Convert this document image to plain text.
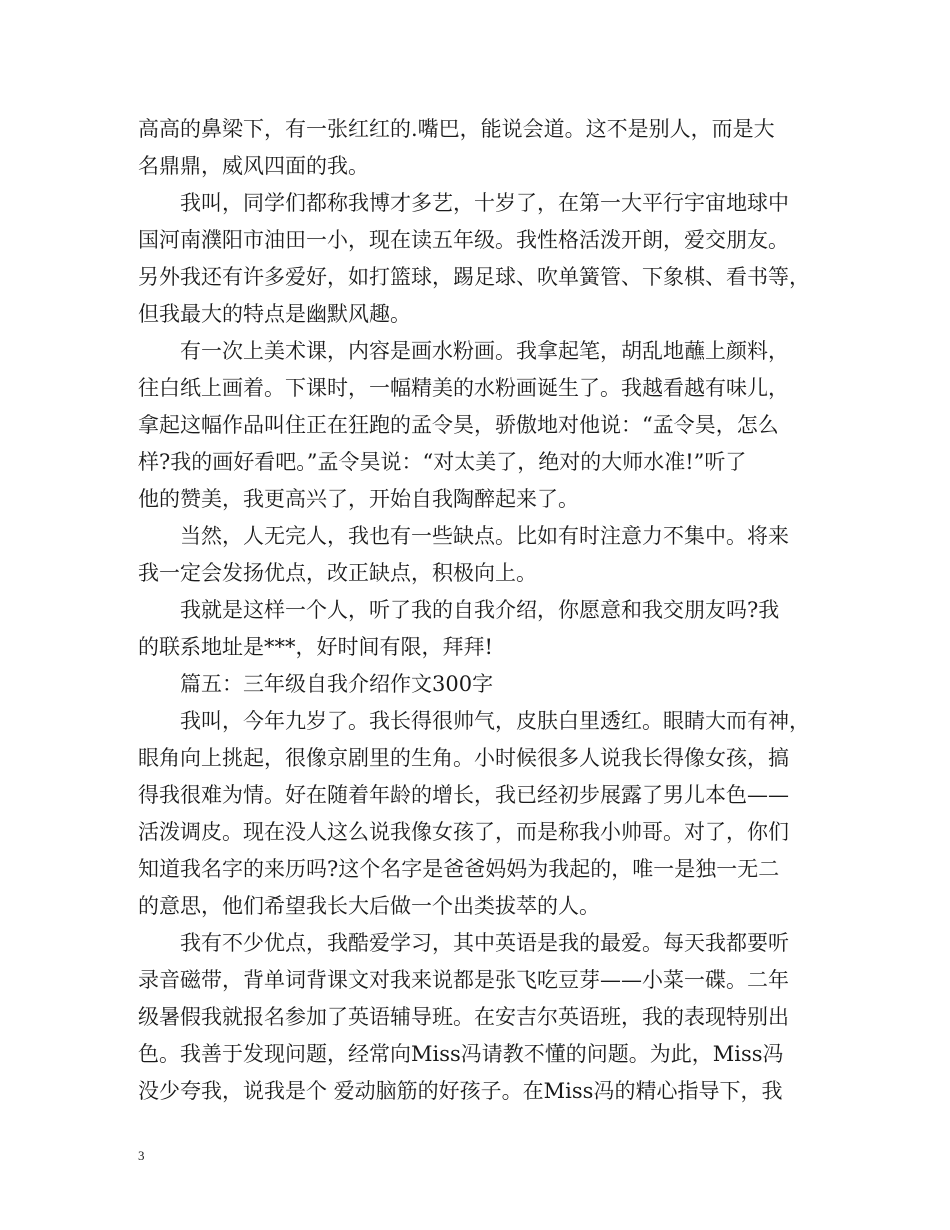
高高的鼻梁下，有一张红红的.嘴巴，能说会道。这不是别人，而是大
名鼎鼎，威风四面的我。
　　我叫，同学们都称我博才多艺，十岁了，在第一大平行宇宙地球中
国河南濮阳市油田一小，现在读五年级。我性格活泼开朗，爱交朋友。
另外我还有许多爱好，如打篮球，踢足球、吹单簧管、下象棋、看书等，
但我最大的特点是幽默风趣。
　　有一次上美术课，内容是画水粉画。我拿起笔，胡乱地蘸上颜料，
往白纸上画着。下课时，一幅精美的水粉画诞生了。我越看越有味儿，
拿起这幅作品叫住正在狂跑的孟令昊，骄傲地对他说：“孟令昊，怎么
样?我的画好看吧。”孟令昊说：“对太美了，绝对的大师水准!”听了
他的赞美，我更高兴了，开始自我陶醉起来了。
　　当然，人无完人，我也有一些缺点。比如有时注意力不集中。将来
我一定会发扬优点，改正缺点，积极向上。
　　我就是这样一个人，听了我的自我介绍，你愿意和我交朋友吗?我
的联系地址是***，好时间有限，拜拜!
　　篇五：三年级自我介绍作文300字
　　我叫，今年九岁了。我长得很帅气，皮肤白里透红。眼睛大而有神，
眼角向上挑起，很像京剧里的生角。小时候很多人说我长得像女孩，搞
得我很难为情。好在随着年龄的增长，我已经初步展露了男儿本色——
活泼调皮。现在没人这么说我像女孩了，而是称我小帅哥。对了，你们
知道我名字的来历吗?这个名字是爸爸妈妈为我起的，唯一是独一无二
的意思，他们希望我长大后做一个出类拔萃的人。
　　我有不少优点，我酷爱学习，其中英语是我的最爱。每天我都要听
录音磁带，背单词背课文对我来说都是张飞吃豆芽——小菜一碟。二年
级暑假我就报名参加了英语辅导班。在安吉尔英语班，我的表现特别出
色。我善于发现问题，经常向Miss冯请教不懂的问题。为此，Miss冯
没少夸我，说我是个 爱动脑筋的好孩子。在Miss冯的精心指导下，我
3
